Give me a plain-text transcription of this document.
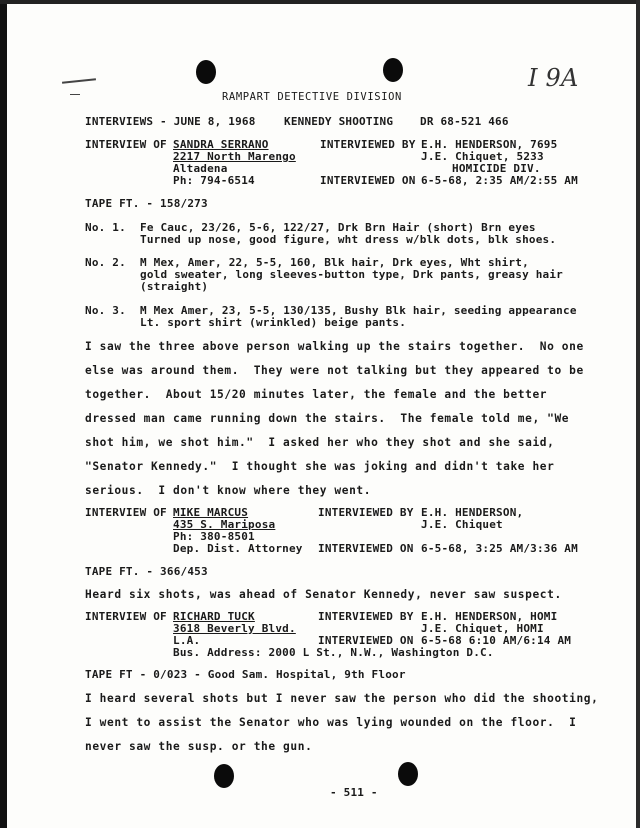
RAMPART DETECTIVE DIVISION
I 9A
INTERVIEWS - JUNE 8, 1968	KENNEDY SHOOTING DR 68-521 466
INTERVIEW OF SANDRA SERRANO
2217 North Marengo
Altadena
Ph: 794-6514
INTERVIEWED BY E.H. HENDERSON, 7695
J.E. Chiquet, 5233
HOMICIDE DIV.
INTERVIEWED ON 6-5-68, 2:35 AM/2:55 AM
TAPE FT. - 158/273
No. 1. Fe Cauc, 23/26, 5-6, 122/27, Drk Brn Hair (short) Brn eyes
Turned up nose, good figure, wht dress w/blk dots, blk shoes.
No. 2. M Mex, Amer, 22, 5-5, 160, Blk hair, Drk eyes, Wht shirt,
gold sweater, long sleeves-button type, Drk pants, greasy hair
(straight)
No. 3. M Mex Amer, 23, 5-5, 130/135, Bushy Blk hair, seeding appearance
Lt. sport shirt (wrinkled) beige pants.
I saw the three above person walking up the stairs together.  No one
else was around them.  They were not talking but they appeared to be
together.  About 15/20 minutes later, the female and the better
dressed man came running down the stairs.  The female told me, "We
shot him, we shot him."  I asked her who they shot and she said,
"Senator Kennedy."  I thought she was joking and didn't take her
serious.  I don't know where they went.
INTERVIEW OF MIKE MARCUS
435 S. Mariposa
Ph: 380-8501
Dep. Dist. Attorney
INTERVIEWED BY E.H. HENDERSON,
J.E. Chiquet
INTERVIEWED ON 6-5-68, 3:25 AM/3:36 AM
TAPE FT. - 366/453
Heard six shots, was ahead of Senator Kennedy, never saw suspect.
INTERVIEW OF RICHARD TUCK
3618 Beverly Blvd.
L.A.
Bus. Address: 2000 L St., N.W., Washington D.C.
INTERVIEWED BY E.H. HENDERSON, HOMI
J.E. Chiquet, HOMI
INTERVIEWED ON 6-5-68 6:10 AM/6:14 AM
TAPE FT - 0/023 - Good Sam. Hospital, 9th Floor
I heard several shots but I never saw the person who did the shooting,
I went to assist the Senator who was lying wounded on the floor.  I
never saw the susp. or the gun.
- 511 -
